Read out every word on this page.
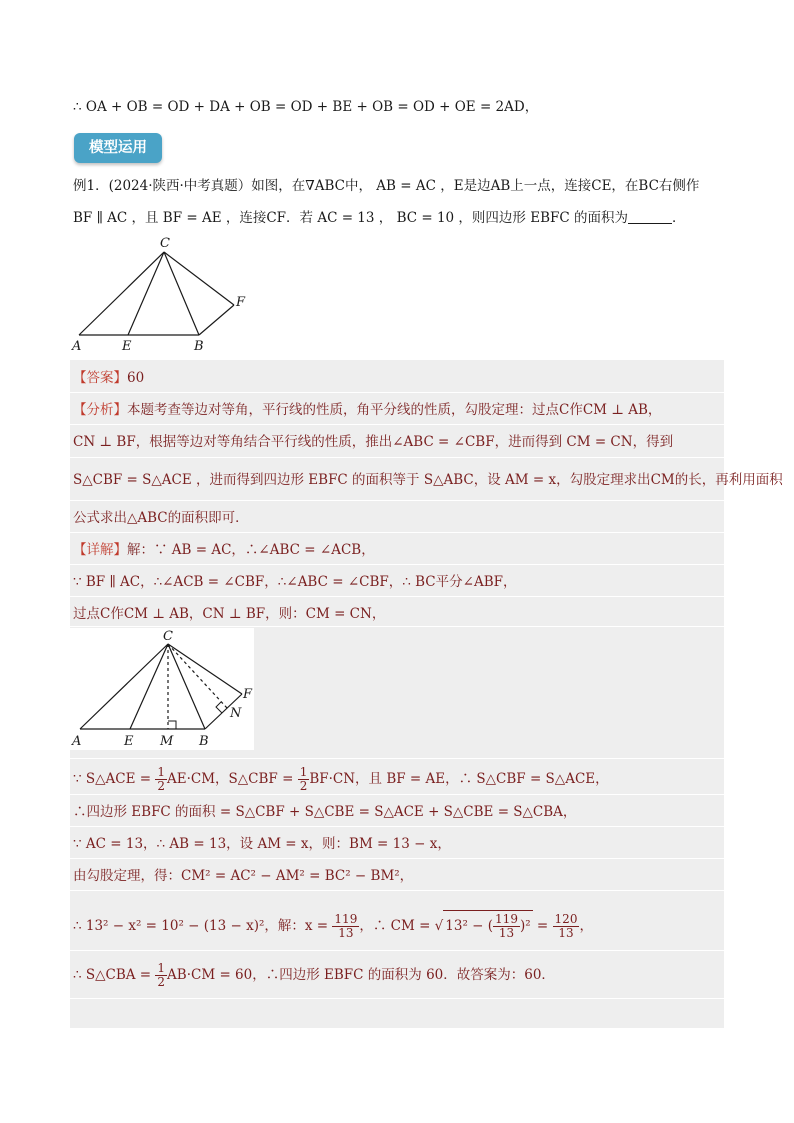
∴ OA + OB = OD + DA + OB = OD + BE + OB = OD + OE = 2AD，
模型运用
例1．(2024·陕西·中考真题）如图，在∇ABC中， AB = AC ，E是边AB上一点，连接CE，在BC右侧作
BF ∥ AC ，且 BF = AE ，连接CF．若 AC = 13 ， BC = 10 ，则四边形 EBFC 的面积为	．
A	E	B
C
F
【答案】60
【分析】本题考查等边对等角，平行线的性质，角平分线的性质，勾股定理：过点C作CM ⊥ AB，
CN ⊥ BF，根据等边对等角结合平行线的性质，推出∠ABC = ∠CBF，进而得到 CM = CN，得到
S△CBF = S△ACE ，进而得到四边形 EBFC 的面积等于 S△ABC，设 AM = x，勾股定理求出CM的长，再利用面积
公式求出△ABC的面积即可．
【详解】解：∵ AB = AC，∴∠ABC = ∠ACB，
∵ BF ∥ AC，∴∠ACB = ∠CBF，∴∠ABC = ∠CBF，∴ BC平分∠ABF，
过点C作CM ⊥ AB，CN ⊥ BF，则：CM = CN，
A	E M B
C
F
N
∵ S△ACE = $\frac{1}{2} AE\cdot CM$，S△CBF = $\frac{1}{2} BF\cdot CN$，且 BF = AE，∴ S△CBF = S△ACE，
∴四边形 EBFC 的面积 = S△CBF + S△CBE = S△ACE + S△CBE = S△CBA，
∵ AC = 13，∴ AB = 13，设 AM = x，则：BM = 13 − x，
由勾股定理，得：CM² = AC² − AM² = BC² − BM²，
∴ 13² − x² = 10² − (13 − x)²，解：$x = \frac{119}{13}$ ，∴ CM = √ 13² − ( $\frac{119}{13} )^2 = \frac{120}{13}$ ，
∴ S△CBA = $\frac{1}{2} AB\cdot CM = 60$，∴四边形 EBFC 的面积为 60．故答案为：60．
